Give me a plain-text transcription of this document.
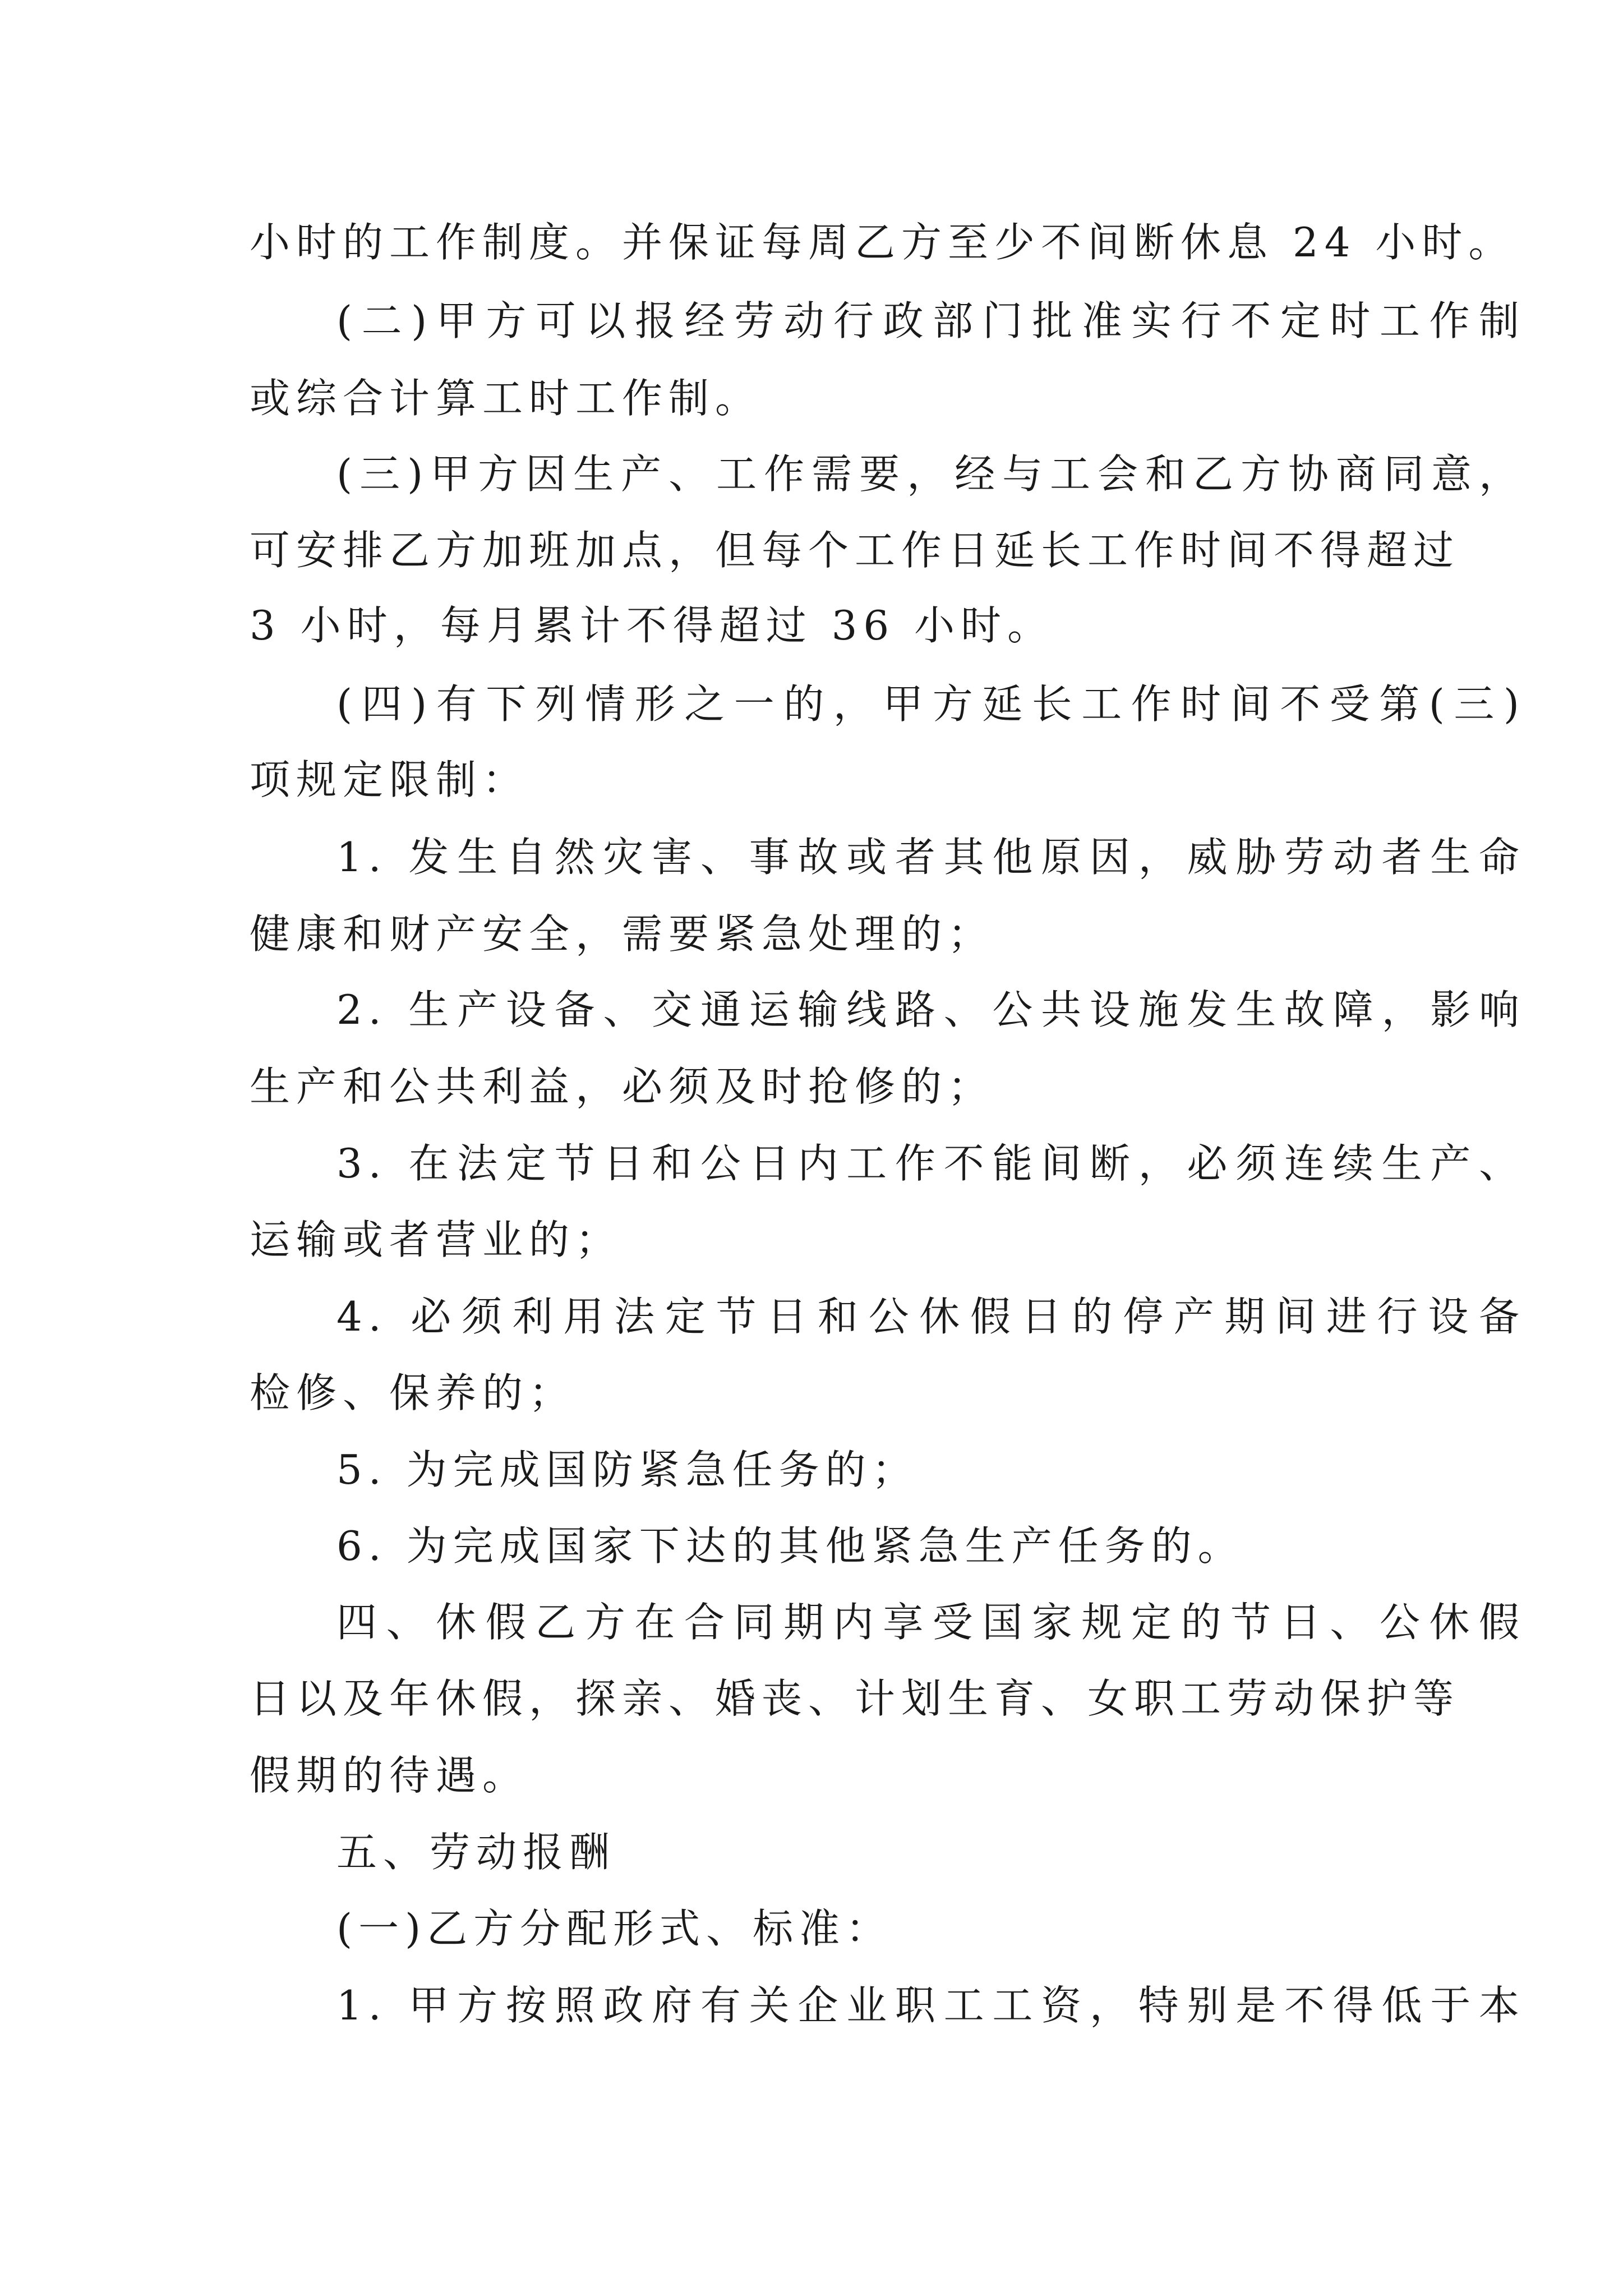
小时的工作制度。并保证每周乙方至少不间断休息 24 小时。
(二)甲方可以报经劳动行政部门批准实行不定时工作制
或综合计算工时工作制。
(三)甲方因生产、工作需要，经与工会和乙方协商同意，
可安排乙方加班加点，但每个工作日延长工作时间不得超过
3 小时，每月累计不得超过 36 小时。
(四)有下列情形之一的，甲方延长工作时间不受第(三)
项规定限制：
1. 发生自然灾害、事故或者其他原因，威胁劳动者生命
健康和财产安全，需要紧急处理的；
2. 生产设备、交通运输线路、公共设施发生故障，影响
生产和公共利益，必须及时抢修的；
3. 在法定节日和公日内工作不能间断，必须连续生产、
运输或者营业的；
4. 必须利用法定节日和公休假日的停产期间进行设备
检修、保养的；
5. 为完成国防紧急任务的；
6. 为完成国家下达的其他紧急生产任务的。
四、休假乙方在合同期内享受国家规定的节日、公休假
日以及年休假，探亲、婚丧、计划生育、女职工劳动保护等
假期的待遇。
五、劳动报酬
(一)乙方分配形式、标准：
1. 甲方按照政府有关企业职工工资，特别是不得低于本
